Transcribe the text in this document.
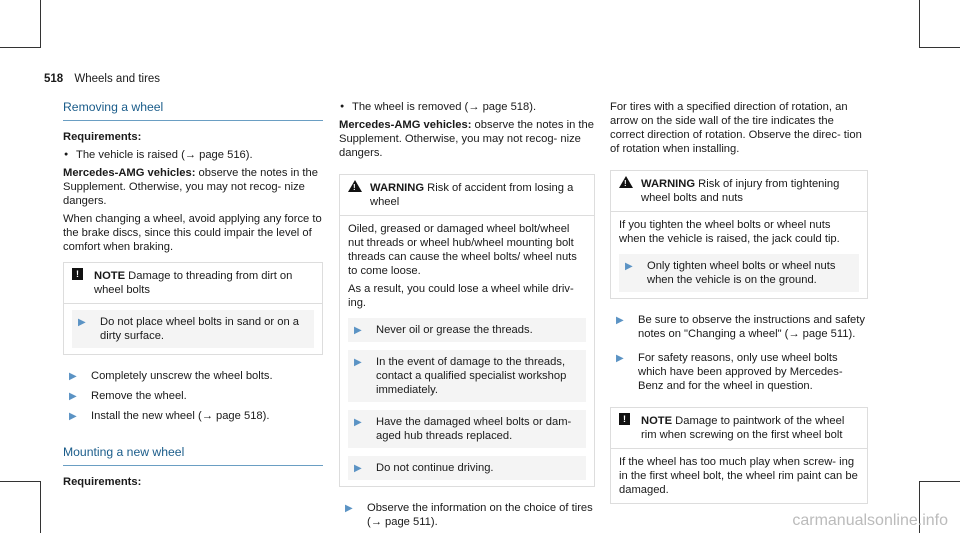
518 Wheels and tires
Removing a wheel

Requirements:

● The vehicle is raised (→ page 516).

Mercedes-AMG vehicles: observe the notes in the Supplement. Otherwise, you may not recog- nize dangers.

When changing a wheel, avoid applying any force to the brake discs, since this could impair the level of comfort when braking.

!	NOTE Damage to threading from dirt on wheel bolts

▶ Do not place wheel bolts in sand or on a dirty surface.

▶ Completely unscrew the wheel bolts.

▶ Remove the wheel.

▶ Install the new wheel (→ page 518).

Mounting a new wheel

Requirements:

● The wheel is removed (→ page 518).

Mercedes-AMG vehicles: observe the notes in the Supplement. Otherwise, you may not recog- nize dangers.

!
WARNING Risk of accident from losing a wheel

Oiled, greased or damaged wheel bolt/wheel nut threads or wheel hub/wheel mounting bolt threads can cause the wheel bolts/ wheel nuts to come loose.

As a result, you could lose a wheel while driv- ing.

▶ Never oil or grease the threads.

▶ In the event of damage to the threads, contact a qualified specialist workshop immediately.

▶ Have the damaged wheel bolts or dam- aged hub threads replaced.

▶ Do not continue driving.

▶ Observe the information on the choice of tires (→ page 511).

For tires with a specified direction of rotation, an arrow on the side wall of the tire indicates the correct direction of rotation. Observe the direc- tion of rotation when installing.

!
WARNING Risk of injury from tightening wheel bolts and nuts

If you tighten the wheel bolts or wheel nuts when the vehicle is raised, the jack could tip.

▶ Only tighten wheel bolts or wheel nuts when the vehicle is on the ground.

▶ Be sure to observe the instructions and safety notes on "Changing a wheel" (→ page 511).

▶ For safety reasons, only use wheel bolts which have been approved by Mercedes- Benz and for the wheel in question.

!	NOTE Damage to paintwork of the wheel rim when screwing on the first wheel bolt

If the wheel has too much play when screw- ing in the first wheel bolt, the wheel rim paint can be damaged.

carmanualsonline.info
